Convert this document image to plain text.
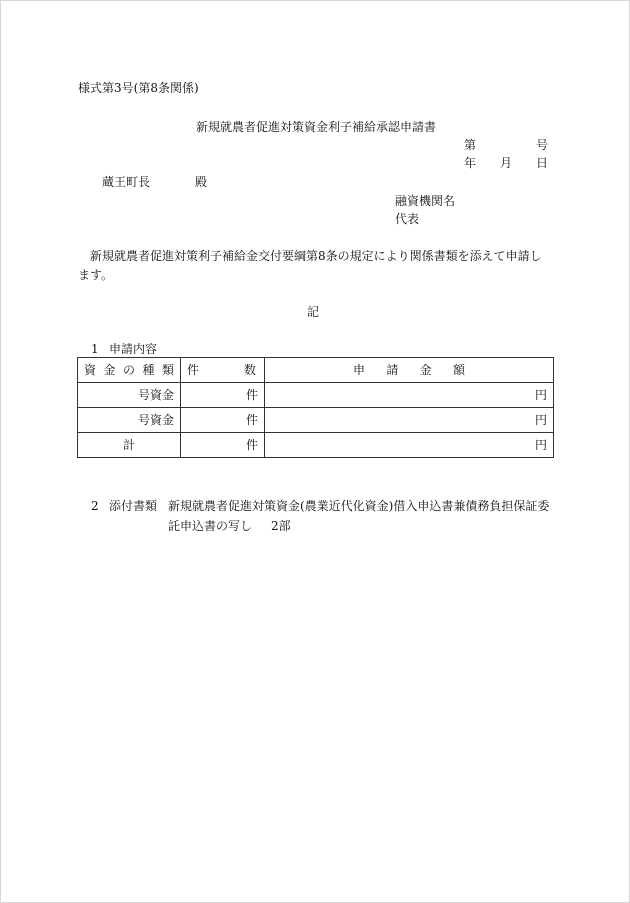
様式第3号(第8条関係)
新規就農者促進対策資金利子補給承認申請書
第	号
年 月 日
蔵王町長	殿
融資機関名
代表
新規就農者促進対策利子補給金交付要綱第8条の規定により関係書類を添えて申請し
ます。
記
1 申請内容
資 金 の 種 類	件 数	申 請 金 額

号資金	件	円
号資金	件	円
計	件	円
2 添付書類 新規就農者促進対策資金(農業近代化資金)借入申込書兼債務負担保証委
託申込書の写し 2部
